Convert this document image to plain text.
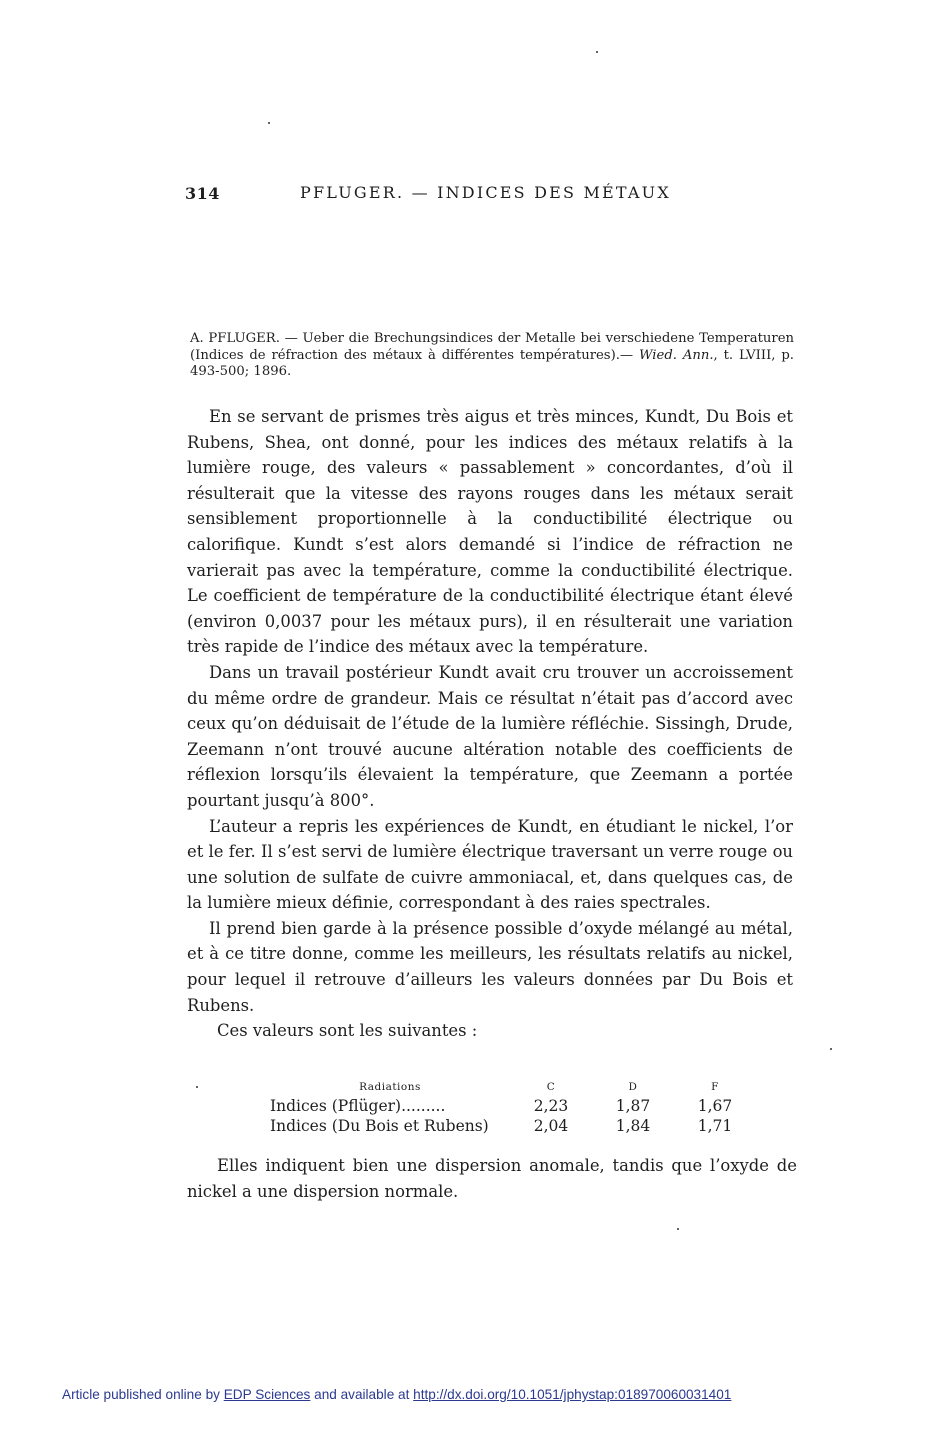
314	PFLUGER. — INDICES DES MÉTAUX
A. PFLUGER. — Ueber die Brechungsindices der Metalle bei verschiedene Temperaturen (Indices de réfraction des métaux à différentes températures).— Wied. Ann., t. LVIII, p. 493-500; 1896.

En se servant de prismes très aigus et très minces, Kundt, Du Bois et Rubens, Shea, ont donné, pour les indices des métaux relatifs à la lumière rouge, des valeurs « passablement » concordantes, d’où il résulterait que la vitesse des rayons rouges dans les métaux serait sensiblement proportionnelle à la conductibilité électrique ou calorifique. Kundt s’est alors demandé si l’indice de réfraction ne varierait pas avec la température, comme la conductibilité électrique. Le coefficient de température de la conductibilité électrique étant élevé (environ 0,0037 pour les métaux purs), il en résulterait une variation très rapide de l’indice des métaux avec la température.

Dans un travail postérieur Kundt avait cru trouver un accroissement du même ordre de grandeur. Mais ce résultat n’était pas d’accord avec ceux qu’on déduisait de l’étude de la lumière réfléchie. Sissingh, Drude, Zeemann n’ont trouvé aucune altération notable des coefficients de réflexion lorsqu’ils élevaient la température, que Zeemann a portée pourtant jusqu’à 800°.

L’auteur a repris les expériences de Kundt, en étudiant le nickel, l’or et le fer. Il s’est servi de lumière électrique traversant un verre rouge ou une solution de sulfate de cuivre ammoniacal, et, dans quelques cas, de la lumière mieux définie, correspondant à des raies spectrales.

Il prend bien garde à la présence possible d’oxyde mélangé au métal, et à ce titre donne, comme les meilleurs, les résultats relatifs au nickel, pour lequel il retrouve d’ailleurs les valeurs données par Du Bois et Rubens.

Ces valeurs sont les suivantes :

Radiations	C	D	F
Indices (Pflüger).........	2,23	1,87	1,67
Indices (Du Bois et Rubens)	2,04	1,84	1,71

Elles indiquent bien une dispersion anomale, tandis que l’oxyde de nickel a une dispersion normale.

Article published online by EDP Sciences and available at http://dx.doi.org/10.1051/jphystap:018970060031401
